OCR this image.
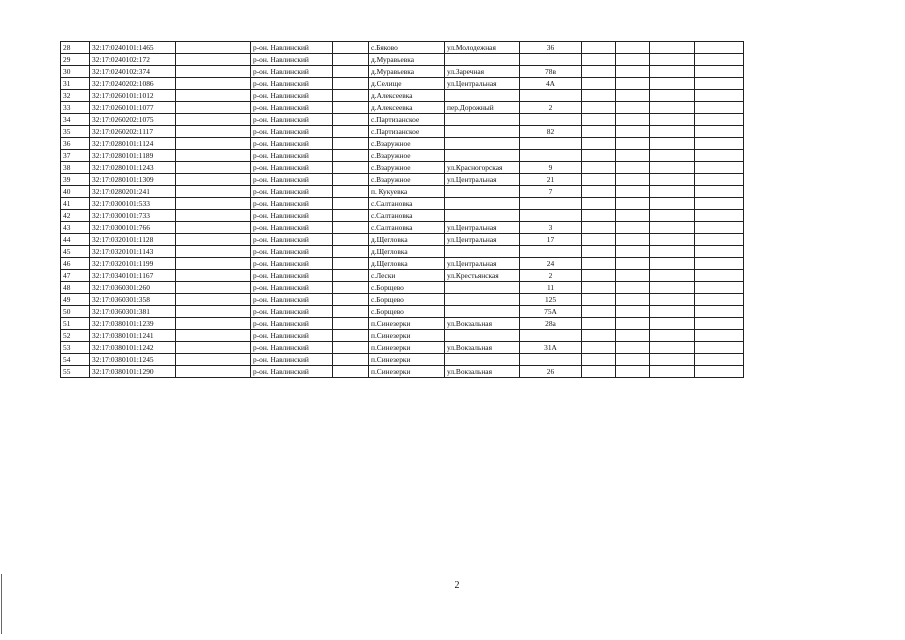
28	32:17:0240101:1465		р-он. Навлинский		с.Бяково	ул.Молодежная	36				
29	32:17:0240102:172		р-он. Навлинский		д.Муравьевка						
30	32:17:0240102:374		р-он. Навлинский		д.Муравьевка	ул.Заречная	78в				
31	32:17:0240202:1086		р-он. Навлинский		д.Селище	ул.Центральная	4А				
32	32:17:0260101:1012		р-он. Навлинский		д.Алексеевка						
33	32:17:0260101:1077		р-он. Навлинский		д.Алексеевка	пер.Дорожный	2				
34	32:17:0260202:1075		р-он. Навлинский		с.Партизанское						
35	32:17:0260202:1117		р-он. Навлинский		с.Партизанское		82				
36	32:17:0280101:1124		р-он. Навлинский		с.Взаружное						
37	32:17:0280101:1189		р-он. Навлинский		с.Взаружное						
38	32:17:0280101:1243		р-он. Навлинский		с.Взаружное	ул.Красногорская	9				
39	32:17:0280101:1309		р-он. Навлинский		с.Взаружное	ул.Центральная	21				
40	32:17:0280201:241		р-он. Навлинский		п. Кукуевка		7				
41	32:17:0300101:533		р-он. Навлинский		с.Салтановка						
42	32:17:0300101:733		р-он. Навлинский		с.Салтановка						
43	32:17:0300101:766		р-он. Навлинский		с.Салтановка	ул.Центральная	3				
44	32:17:0320101:1128		р-он. Навлинский		д.Щегловка	ул.Центральная	17				
45	32:17:0320101:1143		р-он. Навлинский		д.Щегловка						
46	32:17:0320101:1199		р-он. Навлинский		д.Щегловка	ул.Центральная	24				
47	32:17:0340101:1167		р-он. Навлинский		с.Лески	ул.Крестьянская	2				
48	32:17:0360301:260		р-он. Навлинский		с.Борщево		11				
49	32:17:0360301:358		р-он. Навлинский		с.Борщево		125				
50	32:17:0360301:381		р-он. Навлинский		с.Борщево		75А				
51	32:17:0380101:1239		р-он. Навлинский		п.Синезерки	ул.Вокзальная	28а				
52	32:17:0380101:1241		р-он. Навлинский		п.Синезерки						
53	32:17:0380101:1242		р-он. Навлинский		п.Синезерки	ул.Вокзальная	31А				
54	32:17:0380101:1245		р-он. Навлинский		п.Синезерки						
55	32:17:0380101:1290		р-он. Навлинский		п.Синезерки	ул.Вокзальная	26				
2
